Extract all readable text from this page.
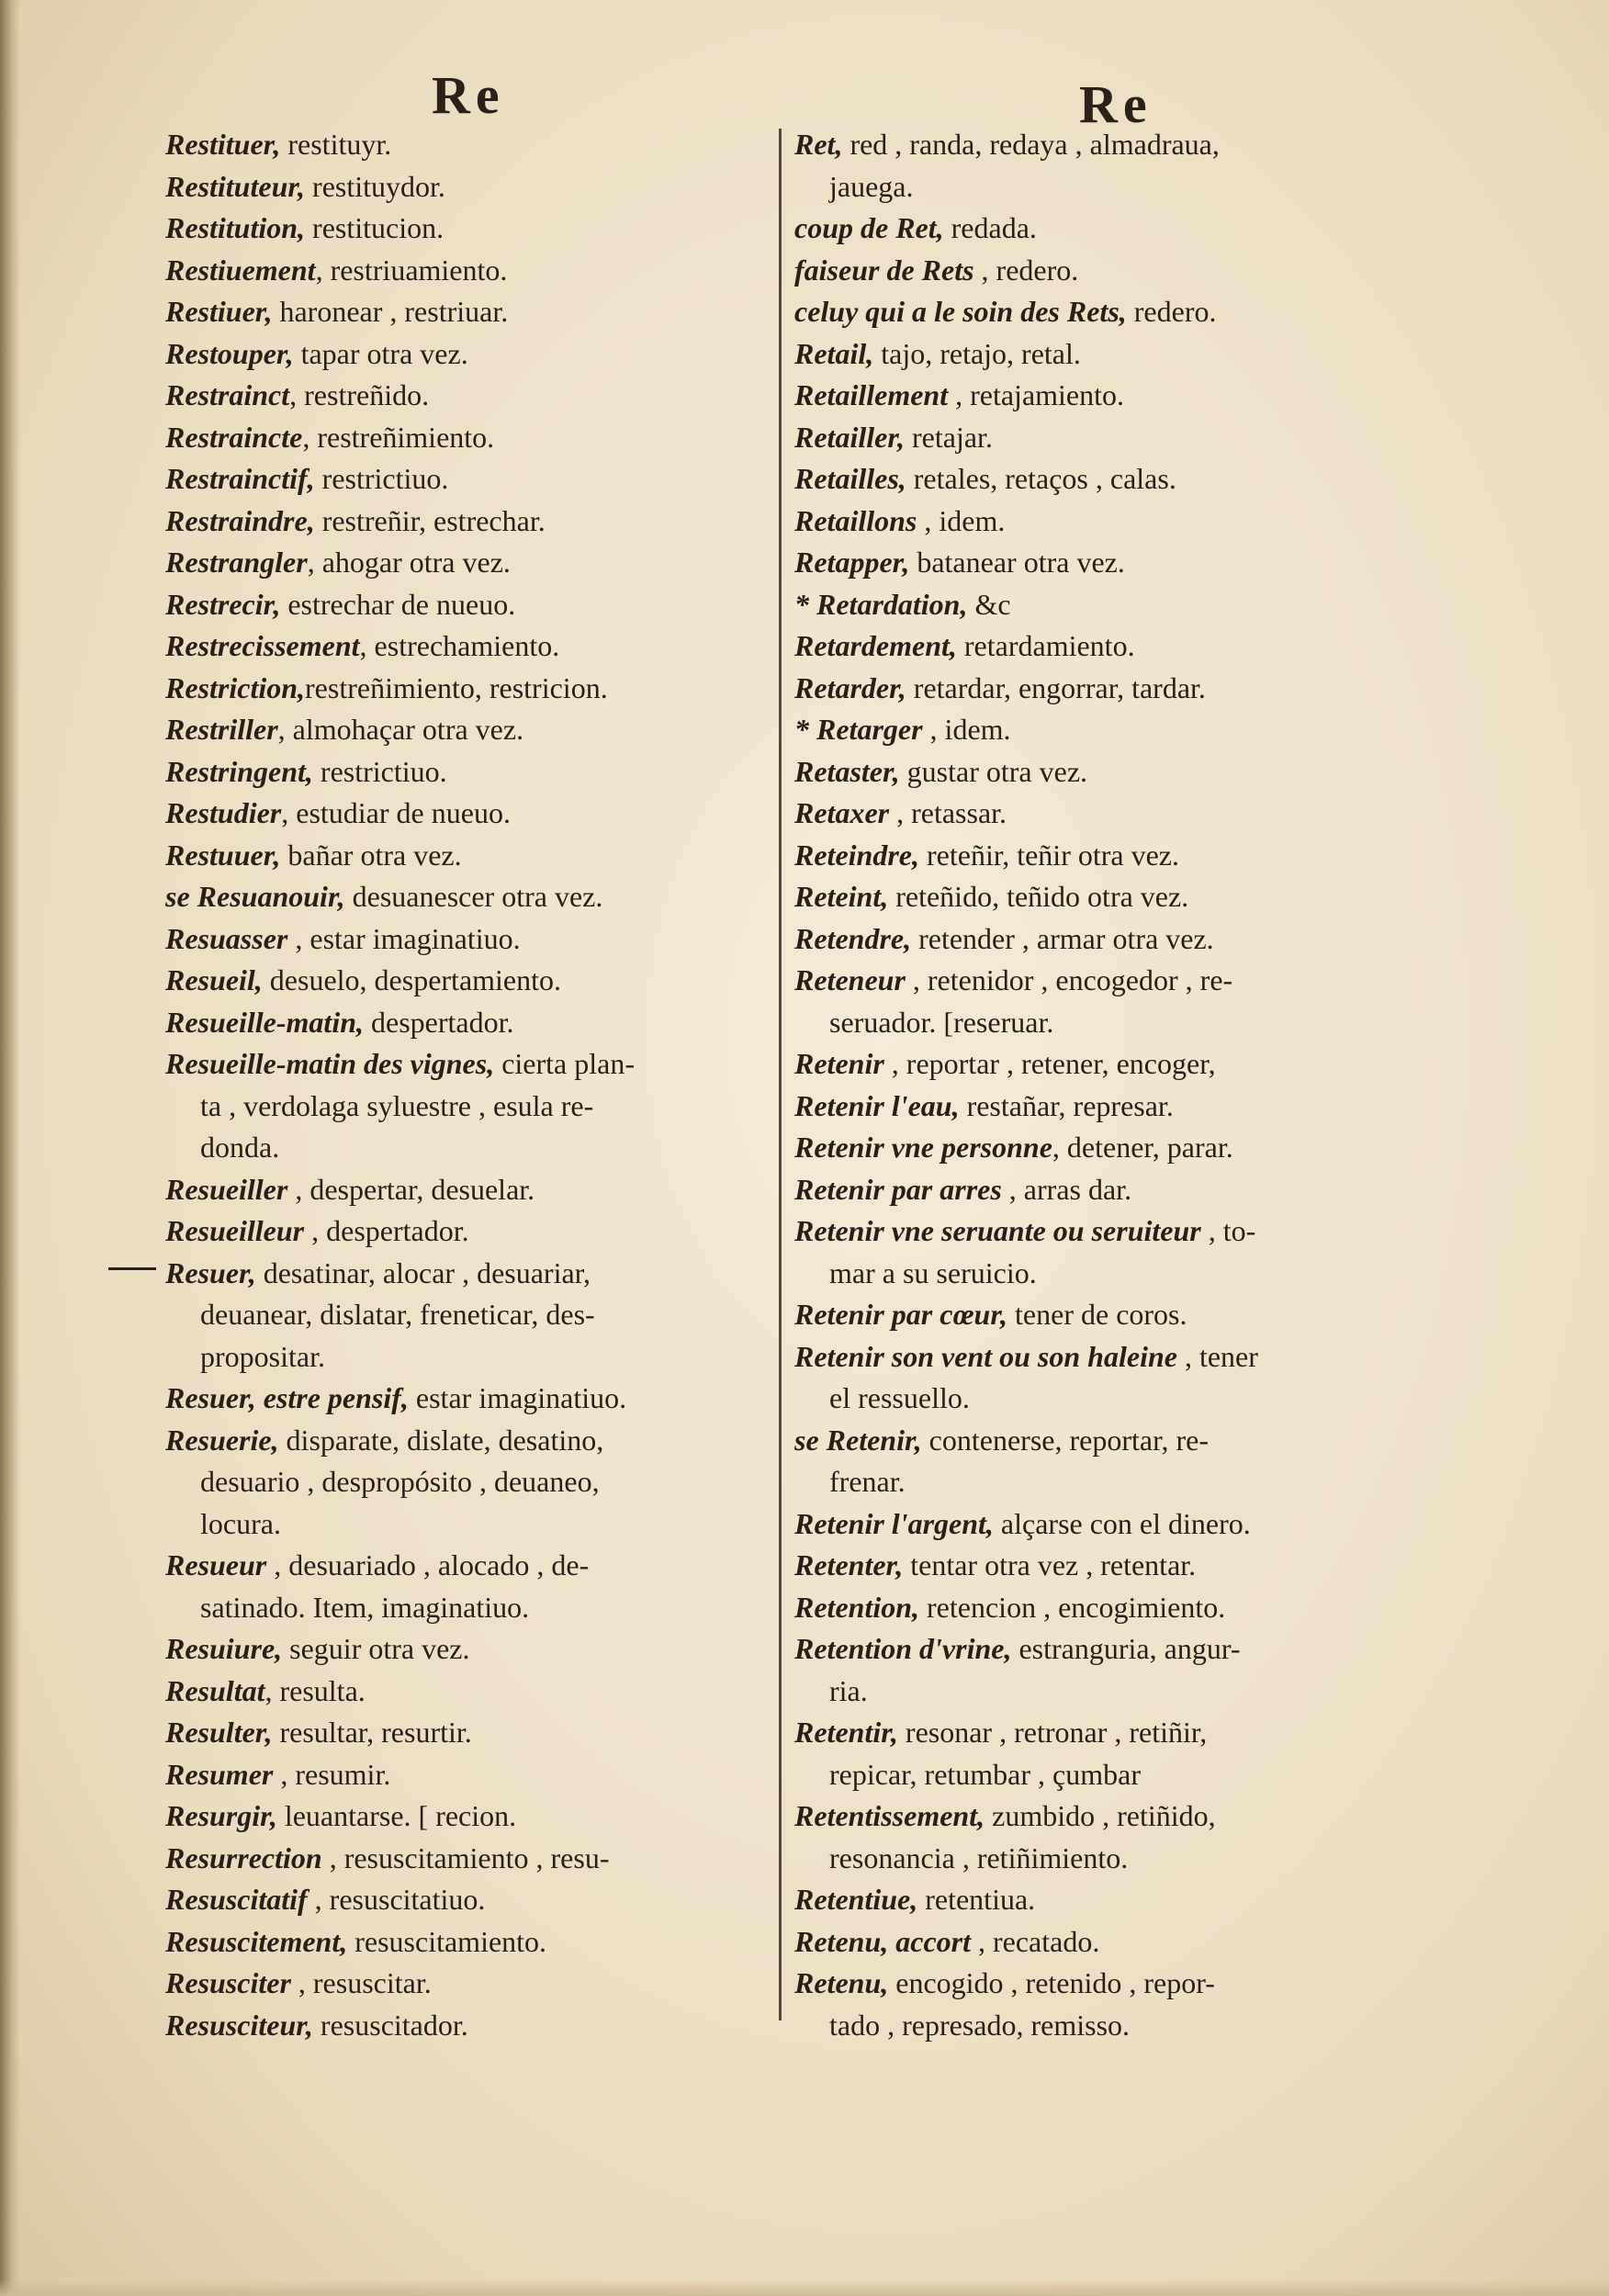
Re	Re
Restituer, restituyr.
Restituteur, restituydor.
Restitution, restitucion.
Restiuement, restriuamiento.
Restiuer, haronear , restriuar.
Restouper, tapar otra vez.
Restrainct, restreñido.
Restraincte, restreñimiento.
Restrainctif, restrictiuo.
Restraindre, restreñir, estrechar.
Restrangler, ahogar otra vez.
Restrecir, estrechar de nueuo.
Restrecissement, estrechamiento.
Restriction,restreñimiento, restricion.
Restriller, almohaçar otra vez.
Restringent, restrictiuo.
Restudier, estudiar de nueuo.
Restuuer, bañar otra vez.
se Resuanouir, desuanescer otra vez.
Resuasser , estar imaginatiuo.
Resueil, desuelo, despertamiento.
Resueille-matin, despertador.
Resueille-matin des vignes, cierta plan-
ta , verdolaga syluestre , esula re-
donda.
Resueiller , despertar, desuelar.
Resueilleur , despertador.
Resuer, desatinar, alocar , desuariar,
deuanear, dislatar, freneticar, des-
propositar.
Resuer, estre pensif, estar imaginatiuo.
Resuerie, disparate, dislate, desatino,
desuario , despropósito , deuaneo,
locura.
Resueur , desuariado , alocado , de-
satinado. Item, imaginatiuo.
Resuiure, seguir otra vez.
Resultat, resulta.
Resulter, resultar, resurtir.
Resumer , resumir.
Resurgir, leuantarse. [ recion.
Resurrection , resuscitamiento , resu-
Resuscitatif , resuscitatiuo.
Resuscitement, resuscitamiento.
Resusciter , resuscitar.
Resusciteur, resuscitador.
Ret, red , randa, redaya , almadraua,
jauega.
coup de Ret, redada.
faiseur de Rets , redero.
celuy qui a le soin des Rets, redero.
Retail, tajo, retajo, retal.
Retaillement , retajamiento.
Retailler, retajar.
Retailles, retales, retaços , calas.
Retaillons , idem.
Retapper, batanear otra vez.
* Retardation, &c
Retardement, retardamiento.
Retarder, retardar, engorrar, tardar.
* Retarger , idem.
Retaster, gustar otra vez.
Retaxer , retassar.
Reteindre, reteñir, teñir otra vez.
Reteint, reteñido, teñido otra vez.
Retendre, retender , armar otra vez.
Reteneur , retenidor , encogedor , re-
seruador. [reseruar.
Retenir , reportar , retener, encoger,
Retenir l'eau, restañar, represar.
Retenir vne personne, detener, parar.
Retenir par arres , arras dar.
Retenir vne seruante ou seruiteur , to-
mar a su seruicio.
Retenir par cœur, tener de coros.
Retenir son vent ou son haleine , tener
el ressuello.
se Retenir, contenerse, reportar, re-
frenar.
Retenir l'argent, alçarse con el dinero.
Retenter, tentar otra vez , retentar.
Retention, retencion , encogimiento.
Retention d'vrine, estranguria, angur-
ria.
Retentir, resonar , retronar , retiñir,
repicar, retumbar , çumbar
Retentissement, zumbido , retiñido,
resonancia , retiñimiento.
Retentiue, retentiua.
Retenu, accort , recatado.
Retenu, encogido , retenido , repor-
tado , represado, remisso.
